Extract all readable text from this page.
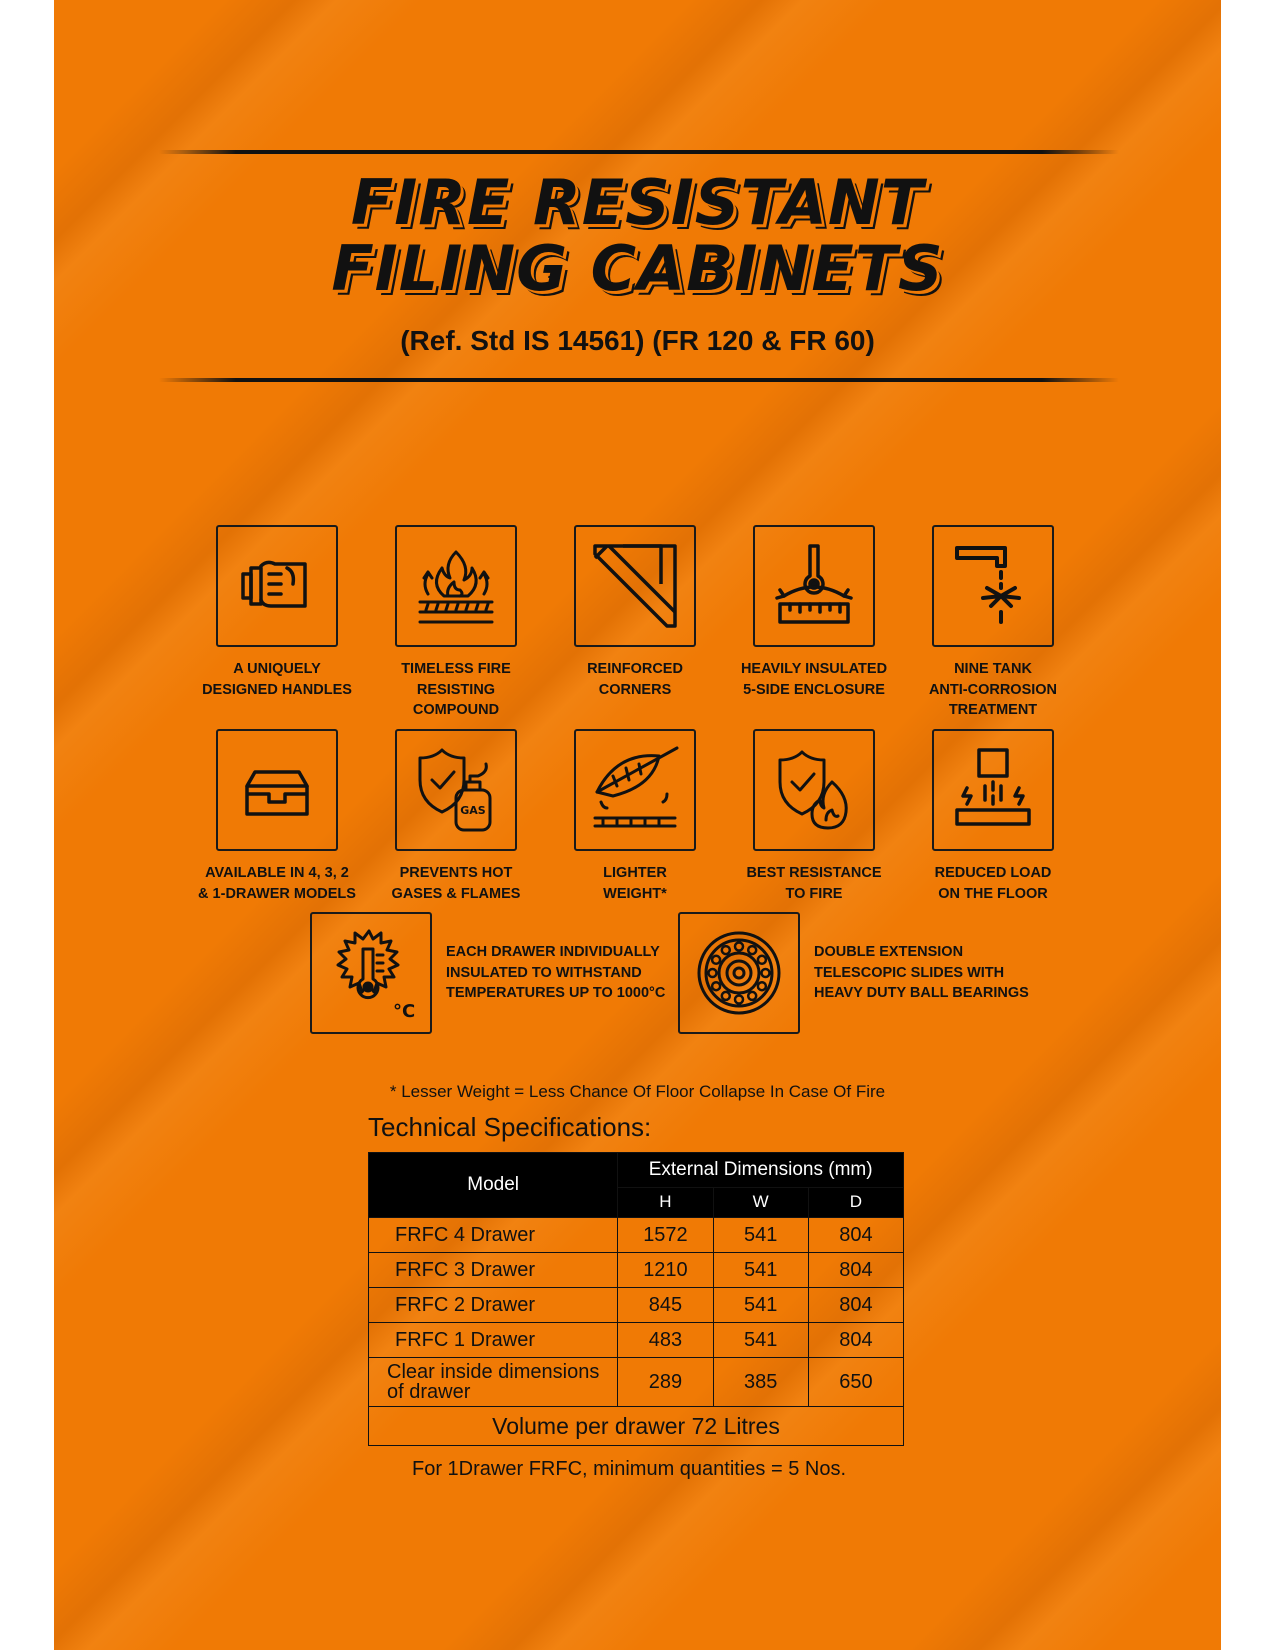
FIRE RESISTANT
FILING CABINETS
(Ref. Std IS 14561) (FR 120 & FR 60)
A UNIQUELY
DESIGNED HANDLES
TIMELESS FIRE
RESISTING
COMPOUND
REINFORCED
CORNERS
HEAVILY INSULATED
5-SIDE ENCLOSURE
NINE TANK
ANTI-CORROSION
TREATMENT
AVAILABLE IN 4, 3, 2
& 1-DRAWER MODELS
GAS
PREVENTS HOT
GASES & FLAMES
LIGHTER
WEIGHT*
BEST RESISTANCE
TO FIRE
REDUCED LOAD
ON THE FLOOR
°C
EACH DRAWER INDIVIDUALLY
INSULATED TO WITHSTAND
TEMPERATURES UP TO 1000°C
DOUBLE EXTENSION
TELESCOPIC SLIDES WITH
HEAVY DUTY BALL BEARINGS
* Lesser Weight = Less Chance Of Floor Collapse In Case Of Fire
Technical Specifications:
Model	External Dimensions (mm)		
	H	W	D
FRFC 4 Drawer	1572	541	804
FRFC 3 Drawer	1210	541	804
FRFC 2 Drawer	845	541	804
FRFC 1 Drawer	483	541	804
Clear inside dimensions of drawer	289	385	650
Volume per drawer 72 Litres			
For 1Drawer FRFC, minimum quantities = 5 Nos.
